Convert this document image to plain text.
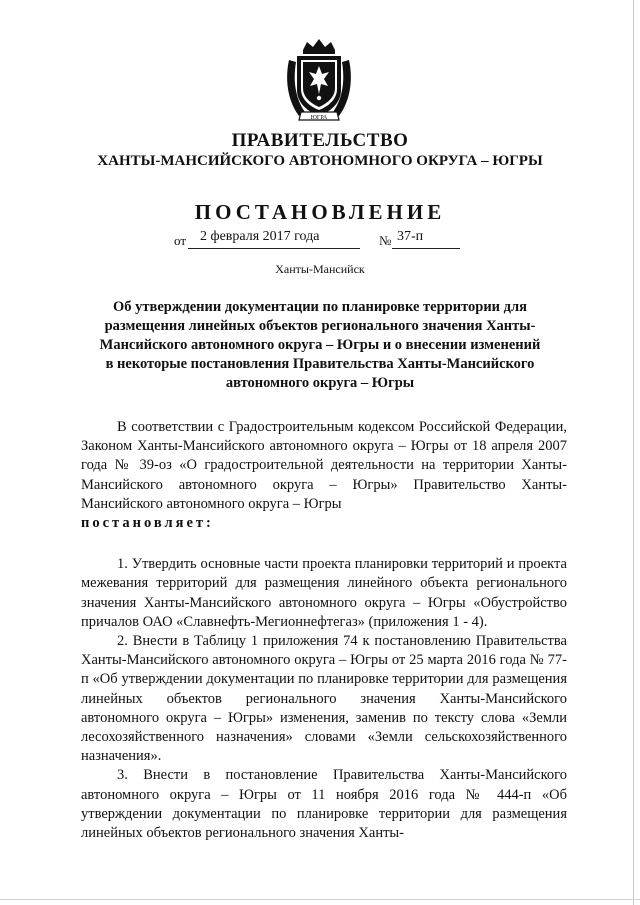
ЮГРА
ПРАВИТЕЛЬСТВО
ХАНТЫ-МАНСИЙСКОГО АВТОНОМНОГО ОКРУГА – ЮГРЫ
ПОСТАНОВЛЕНИЕ
от 2 февраля 2017 года	№ 37-п
Ханты-Мансийск
Об утверждении документации по планировке территории для размещения линейных объектов регионального значения Ханты-Мансийского автономного округа – Югры и о внесении изменений в некоторые постановления Правительства Ханты-Мансийского автономного округа – Югры

В соответствии с Градостроительным кодексом Российской Федерации, Законом Ханты-Мансийского автономного округа – Югры от 18 апреля 2007 года № 39-оз «О градостроительной деятельности на территории Ханты-Мансийского автономного округа – Югры» Правительство Ханты-Мансийского автономного округа – Югры
постановляет:

1. Утвердить основные части проекта планировки территорий и проекта межевания территорий для размещения линейного объекта регионального значения Ханты-Мансийского автономного округа – Югры «Обустройство причалов ОАО «Славнефть-Мегионнефтегаз» (приложения 1 - 4).

2. Внести в Таблицу 1 приложения 74 к постановлению Правительства Ханты-Мансийского автономного округа – Югры от 25 марта 2016 года № 77-п «Об утверждении документации по планировке территории для размещения линейных объектов регионального значения Ханты-Мансийского автономного округа – Югры» изменения, заменив по тексту слова «Земли лесохозяйственного назначения» словами «Земли сельскохозяйственного назначения».

3. Внести в постановление Правительства Ханты-Мансийского автономного округа – Югры от 11 ноября 2016 года № 444-п «Об утверждении документации по планировке территории для размещения линейных объектов регионального значения Ханты-
